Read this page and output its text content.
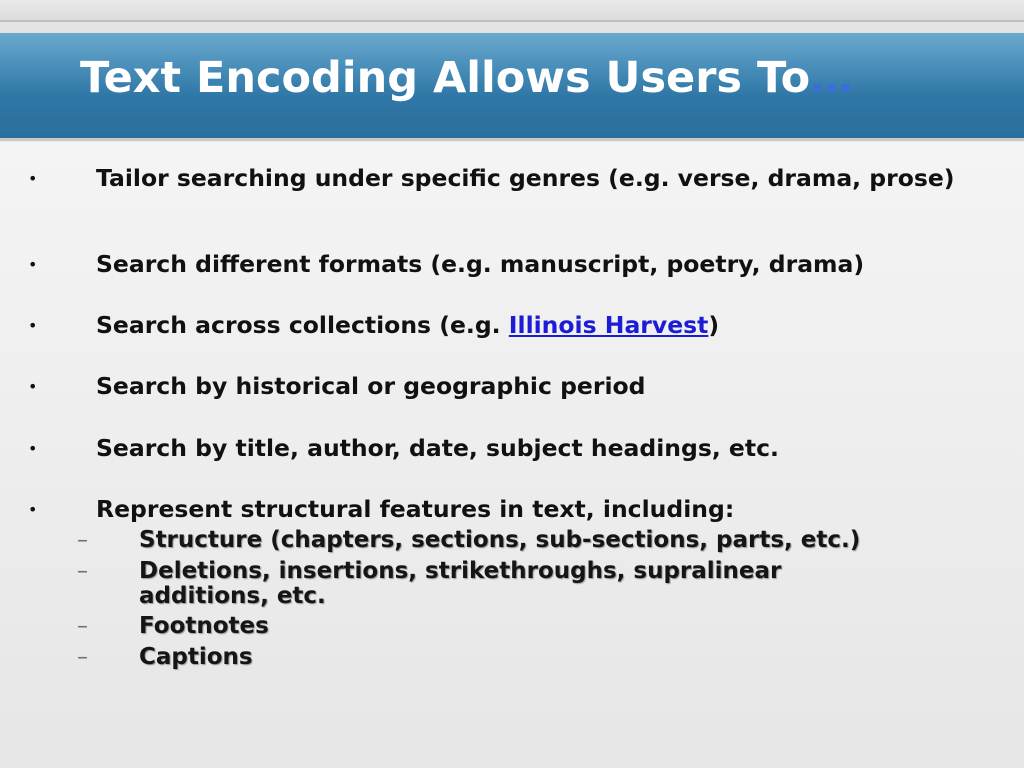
Text Encoding Allows Users To…
• Tailor searching under specific genres (e.g. verse, drama, prose)
• Search different formats (e.g. manuscript, poetry, drama)
• Search across collections (e.g. Illinois Harvest)
• Search by historical or geographic period
• Search by title, author, date, subject headings, etc.
• Represent structural features in text, including:
– Structure (chapters, sections, sub-sections, parts, etc.)
– Deletions, insertions, strikethroughs, supralinear additions, etc.
– Footnotes
– Captions
